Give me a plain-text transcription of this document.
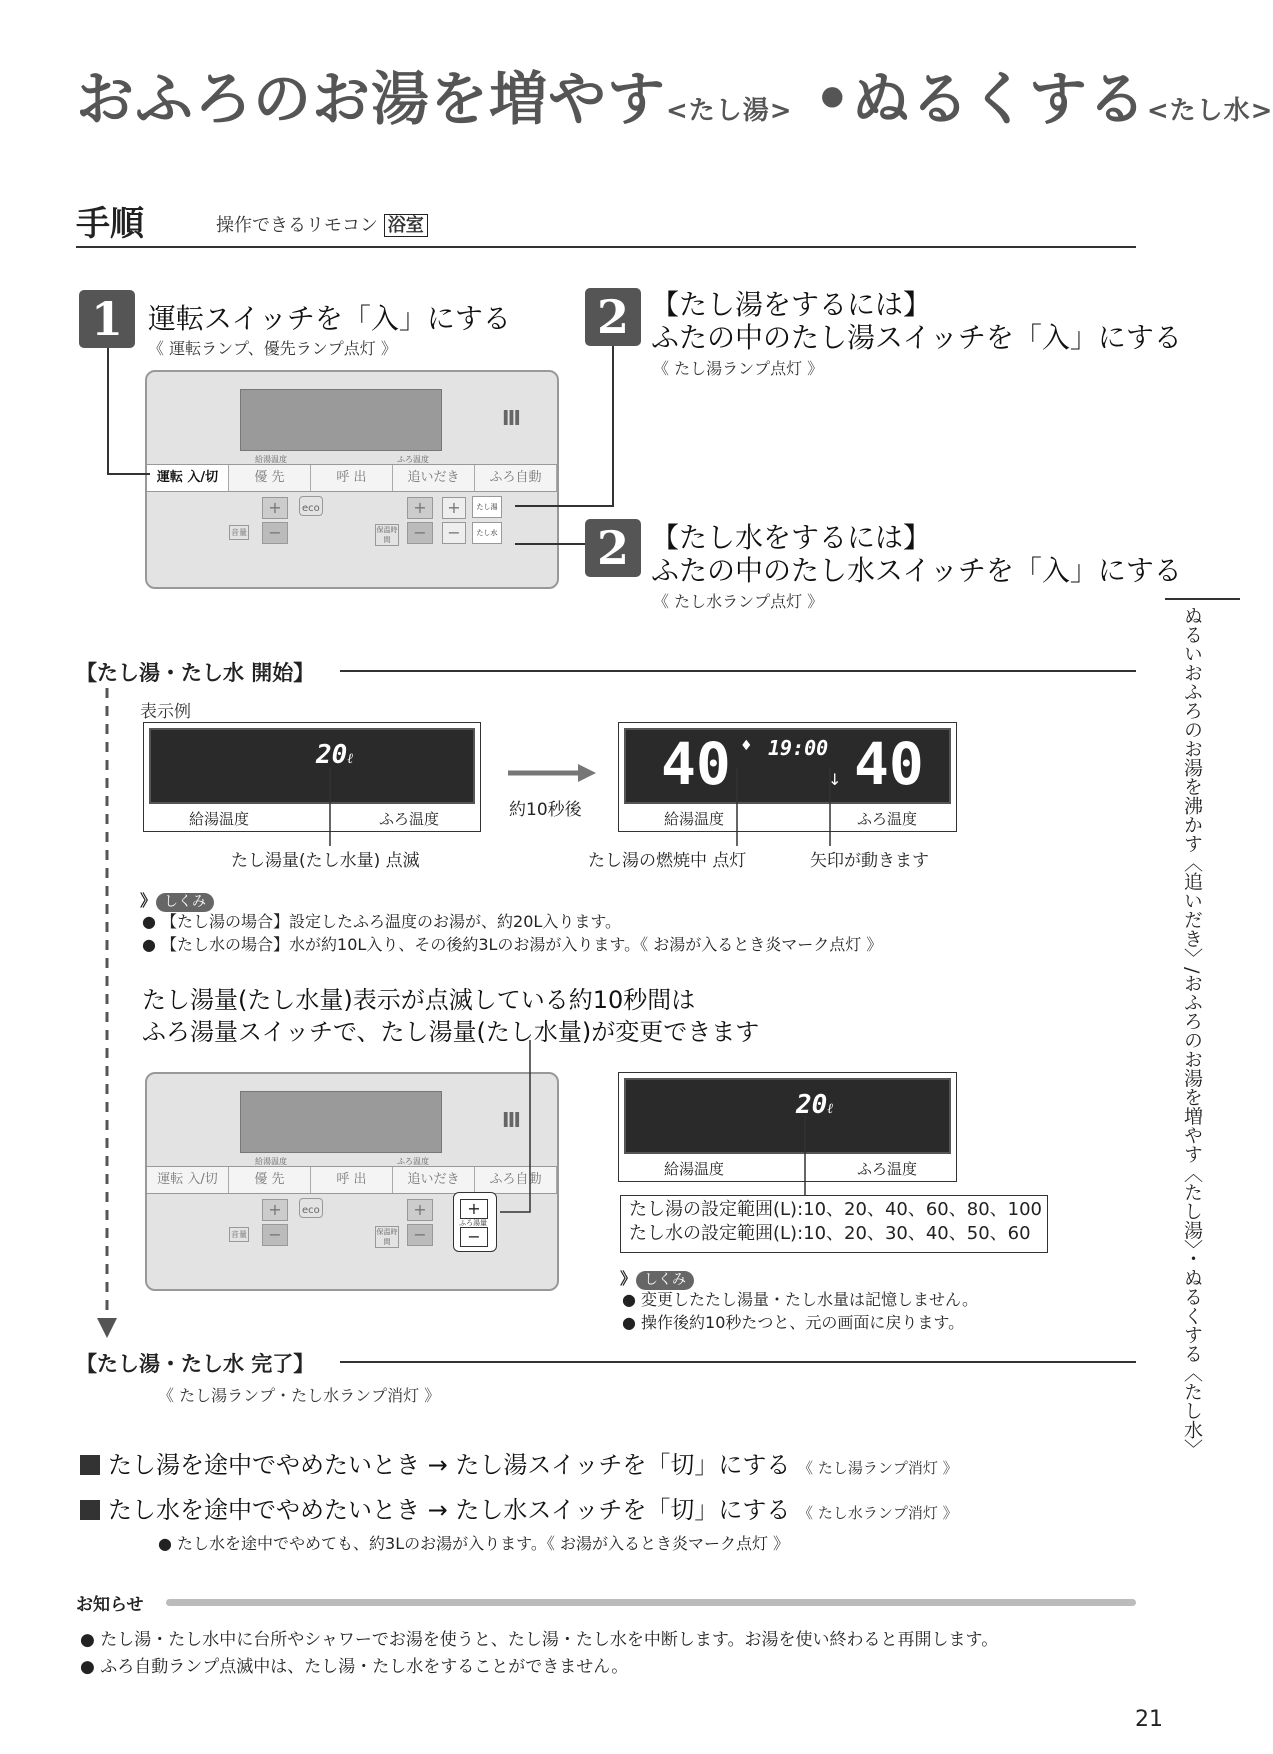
おふろのお湯を増やす<たし湯> •ぬるくする<たし水>
手順	操作できるリモコン 浴室
1 運転スイッチを「入」にする
《 運転ランプ、優先ランプ点灯 》
2 【たし湯をするには】
ふたの中のたし湯スイッチを「入」にする
《 たし湯ランプ点灯 》
2 【たし水をするには】
ふたの中のたし水スイッチを「入」にする
《 たし水ランプ点灯 》
Ⅲ
給湯温度	ふろ温度
運転 入/切	優 先	呼 出	追いだき	ふろ自動
+
−
音量
eco	+
−
保温時間
+
−
たし湯
たし水
【たし湯・たし水 開始】
表示例
20ℓ
給湯温度	ふろ温度
たし湯量(たし水量) 点滅
約10秒後
40 ♦ 19:00
↓ 40
給湯温度	ふろ温度
たし湯の燃焼中 点灯	矢印が動きます
》 しくみ
● 【たし湯の場合】設定したふろ温度のお湯が、約20L入ります。
● 【たし水の場合】水が約10L入り、その後約3Lのお湯が入ります。《 お湯が入るとき炎マーク点灯 》
たし湯量(たし水量)表示が点滅している約10秒間は
ふろ湯量スイッチで、たし湯量(たし水量)が変更できます
Ⅲ
給湯温度	ふろ温度
運転 入/切	優 先	呼 出	追いだき	ふろ自動
+
−
音量
eco	+
−
保温時間
+
ふろ湯量
−
20ℓ
給湯温度	ふろ温度
たし湯の設定範囲(L):10、20、40、60、80、100
たし水の設定範囲(L):10、20、30、40、50、60
》 しくみ
● 変更したたし湯量・たし水量は記憶しません。
● 操作後約10秒たつと、元の画面に戻ります。
【たし湯・たし水 完了】
《 たし湯ランプ・たし水ランプ消灯 》
たし湯を途中でやめたいとき → たし湯スイッチを「切」にする 《 たし湯ランプ消灯 》
たし水を途中でやめたいとき → たし水スイッチを「切」にする 《 たし水ランプ消灯 》
● たし水を途中でやめても、約3Lのお湯が入ります。《 お湯が入るとき炎マーク点灯 》
お知らせ
● たし湯・たし水中に台所やシャワーでお湯を使うと、たし湯・たし水を中断します。お湯を使い終わると再開します。
● ふろ自動ランプ点滅中は、たし湯・たし水をすることができません。
ぬるいおふろのお湯を沸かす〈追いだき〉/おふろのお湯を増やす〈たし湯〉・ぬるくする〈たし水〉
21
